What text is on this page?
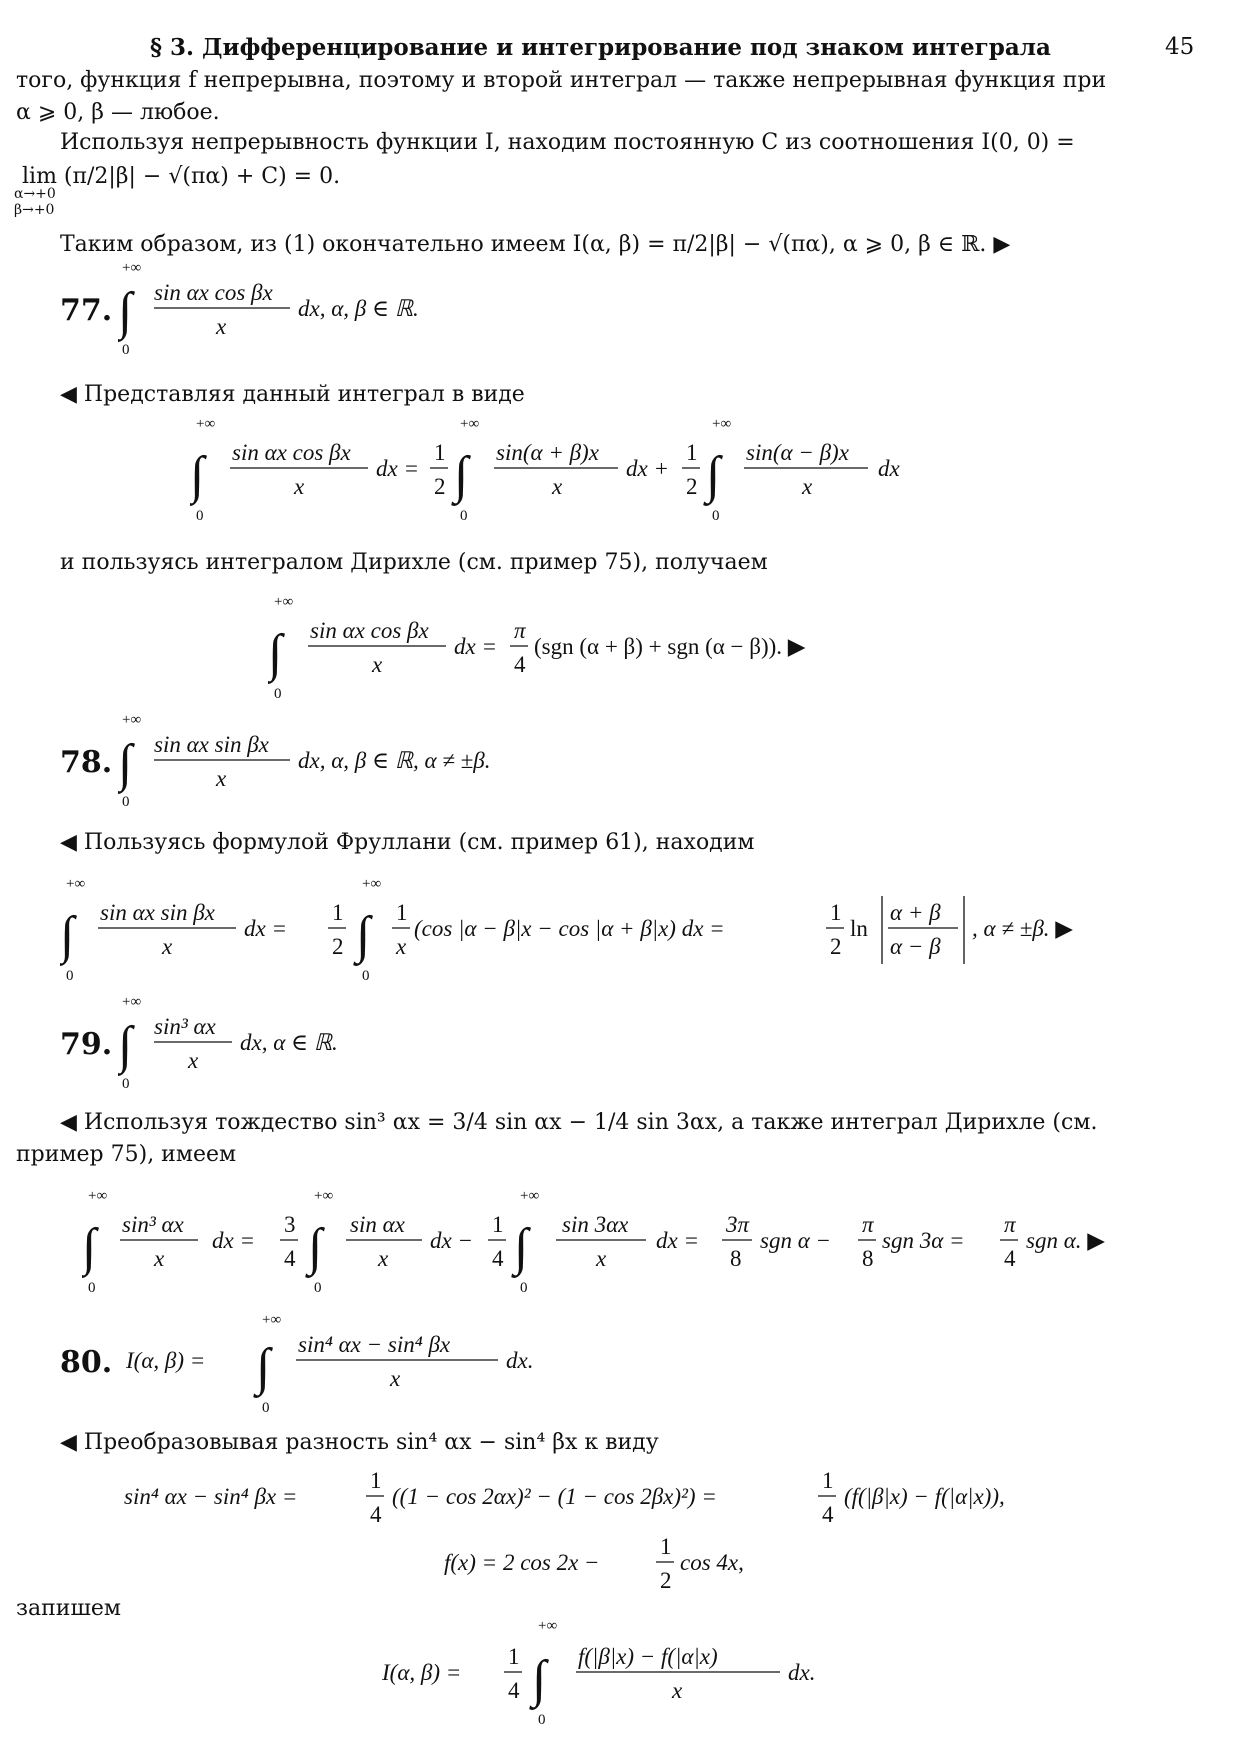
§ 3. Дифференцирование и интегрирование под знаком интеграла	45
того, функция f непрерывна, поэтому и второй интеграл — также непрерывная функция при
α ⩾ 0, β — любое.
Используя непрерывность функции I, находим постоянную C из соотношения I(0, 0) =
lim (π/2|β| − √(πα) + C) = 0.
α→+0
β→+0
Таким образом, из (1) окончательно имеем I(α, β) = π/2|β| − √(πα), α ⩾ 0, β ∈ ℝ. ▶
77.
+∞
∫
0
sin αx cos βx
x
dx, α, β ∈ ℝ.
◀ Представляя данный интеграл в виде
+∞
∫
0
sin αx cos βx
x
dx =
1
2
+∞
∫
0
sin(α + β)x
x
dx +
1
2
+∞
∫
0
sin(α − β)x
x
dx
и пользуясь интегралом Дирихле (см. пример 75), получаем
+∞
∫
0
sin αx cos βx
x
dx =
π
4
(sgn (α + β) + sgn (α − β)). ▶
78.
+∞
∫
0
sin αx sin βx
x
dx, α, β ∈ ℝ, α ≠ ±β.
◀ Пользуясь формулой Фруллани (см. пример 61), находим
+∞
∫
0
sin αx sin βx
x
dx =
1
2
+∞
∫
0
1
x
(cos |α − β|x − cos |α + β|x) dx =
1
2
ln
α + β
α − β
, α ≠ ±β. ▶
79.
+∞
∫
0
sin³ αx
x
dx, α ∈ ℝ.
◀ Используя тождество sin³ αx = 3/4 sin αx − 1/4 sin 3αx, а также интеграл Дирихле (см.
пример 75), имеем
+∞
∫
0
sin³ αx
x
dx =
3
4
+∞
∫
0
sin αx
x
dx −
1
4
+∞
∫
0
sin 3αx
x
dx =
3π
8
sgn α −
π
8
sgn 3α =
π
4
sgn α. ▶
80. I(α, β) =
+∞
∫
0
sin⁴ αx − sin⁴ βx
x
dx.
◀ Преобразовывая разность sin⁴ αx − sin⁴ βx к виду
sin⁴ αx − sin⁴ βx =
1
4
((1 − cos 2αx)² − (1 − cos 2βx)²) =
1
4
(f(|β|x) − f(|α|x)),
f(x) = 2 cos 2x −
1
2
cos 4x,
запишем
I(α, β) =
1
4
+∞
∫
0
f(|β|x) − f(|α|x)
x
dx.
